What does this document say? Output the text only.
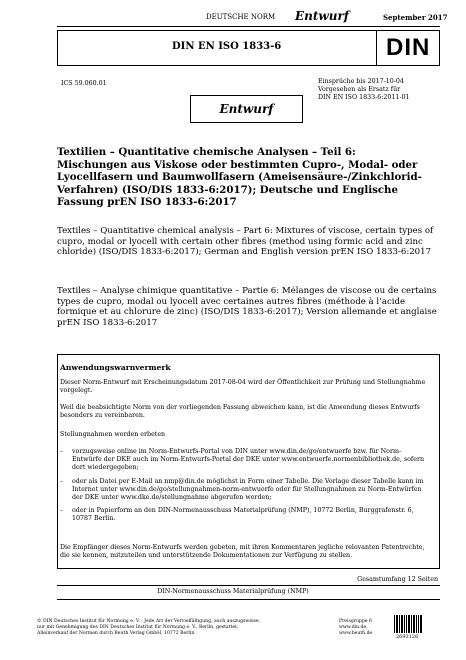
DEUTSCHE NORM Entwurf	September 2017
DIN EN ISO 1833-6	DIN
ICS 59.060.01	Einsprüche bis 2017-10-04
Vorgesehen als Ersatz für
DIN EN ISO 1833-6:2011-01
Entwurf
Textilien – Quantitative chemische Analysen – Teil 6: Mischungen aus Viskose oder bestimmten Cupro-, Modal- oder Lyocellfasern und Baumwollfasern (Ameisensäure-/Zinkchlorid-Verfahren) (ISO/DIS 1833-6:2017); Deutsche und Englische Fassung prEN ISO 1833-6:2017
Textiles – Quantitative chemical analysis – Part 6: Mixtures of viscose, certain types of cupro, modal or lyocell with certain other fibres (method using formic acid and zinc chloride) (ISO/DIS 1833-6:2017); German and English version prEN ISO 1833-6:2017
Textiles – Analyse chimique quantitative – Partie 6: Mélanges de viscose ou de certains types de cupro, modal ou lyocell avec certaines autres fibres (méthode à l’acide formique et au chlorure de zinc) (ISO/DIS 1833-6:2017); Version allemande et anglaise prEN ISO 1833-6:2017
Anwendungswarnvermerk
Dieser Norm-Entwurf mit Erscheinungsdatum 2017-08-04 wird der Öffentlichkeit zur Prüfung und Stellungnahme vorgelegt.
Weil die beabsichtigte Norm von der vorliegenden Fassung abweichen kann, ist die Anwendung dieses Entwurfs besonders zu vereinbaren.
Stellungnahmen werden erbeten
– vorzugsweise online im Norm-Entwurfs-Portal von DIN unter www.din.de/go/entwuerfe bzw. für Norm-Entwürfe der DKE auch im Norm-Entwurfs-Portal der DKE unter www.entwuerfe.normenbibliothek.de, sofern dort wiedergegeben;
– oder als Datei per E-Mail an nmp@din.de möglichst in Form einer Tabelle. Die Vorlage dieser Tabelle kann im Internet unter www.din.de/go/stellungnahmen-norm-entwuerfe oder für Stellungnahmen zu Norm-Entwürfen der DKE unter www.dke.de/stellungnahme abgerufen werden;
– oder in Papierform an den DIN-Normenausschuss Materialprüfung (NMP), 10772 Berlin, Burggrafenstr. 6, 10787 Berlin.
Die Empfänger dieses Norm-Entwurfs werden gebeten, mit ihren Kommentaren jegliche relevanten Patentrechte, die sie kennen, mitzuteilen und unterstützende Dokumentationen zur Verfügung zu stellen.
Gesamtumfang 12 Seiten
DIN-Normenausschuss Materialprüfung (NMP)
© DIN Deutsches Institut für Normung e. V. · Jede Art der Vervielfältigung, auch auszugsweise,
nur mit Genehmigung des DIN Deutsches Institut für Normung e. V., Berlin, gestattet.
Alleinverkauf der Normen durch Beuth Verlag GmbH, 10772 Berlin
Preisgruppe 6
www.din.de
www.beuth.de
2693126
